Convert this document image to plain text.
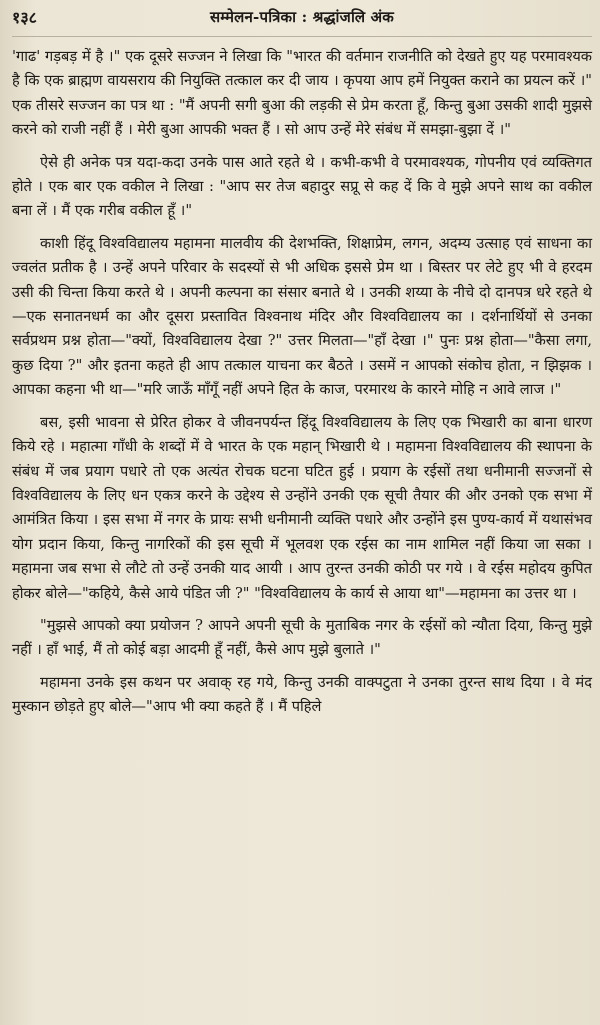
१३८	सम्मेलन-पत्रिका : श्रद्धांजलि अंक

'गाढ' गड़बड़ में है ।" एक दूसरे सज्जन ने लिखा कि "भारत की वर्तमान राजनीति को देखते हुए यह परमावश्यक है कि एक ब्राह्मण वायसराय की नियुक्ति तत्काल कर दी जाय । कृपया आप हमें नियुक्त कराने का प्रयत्न करें ।" एक तीसरे सज्जन का पत्र था : "मैं अपनी सगी बुआ की लड़की से प्रेम करता हूँ, किन्तु बुआ उसकी शादी मुझसे करने को राजी नहीं हैं । मेरी बुआ आपकी भक्त हैं । सो आप उन्हें मेरे संबंध में समझा-बुझा दें ।"

ऐसे ही अनेक पत्र यदा-कदा उनके पास आते रहते थे । कभी-कभी वे परमावश्यक, गोपनीय एवं व्यक्तिगत होते । एक बार एक वकील ने लिखा : "आप सर तेज बहादुर सप्रू से कह दें कि वे मुझे अपने साथ का वकील बना लें । मैं एक गरीब वकील हूँ ।"

काशी हिंदू विश्वविद्यालय महामना मालवीय की देशभक्ति, शिक्षाप्रेम, लगन, अदम्य उत्साह एवं साधना का ज्वलंत प्रतीक है । उन्हें अपने परिवार के सदस्यों से भी अधिक इससे प्रेम था । बिस्तर पर लेटे हुए भी वे हरदम उसी की चिन्ता किया करते थे । अपनी कल्पना का संसार बनाते थे । उनकी शय्या के नीचे दो दानपत्र धरे रहते थे—एक सनातनधर्म का और दूसरा प्रस्तावित विश्वनाथ मंदिर और विश्वविद्यालय का । दर्शनार्थियों से उनका सर्वप्रथम प्रश्न होता—"क्यों, विश्वविद्यालय देखा ?" उत्तर मिलता—"हाँ देखा ।" पुनः प्रश्न होता—"कैसा लगा, कुछ दिया ?" और इतना कहते ही आप तत्काल याचना कर बैठते । उसमें न आपको संकोच होता, न झिझक । आपका कहना भी था—"मरि जाऊँ माँगूँ नहीं अपने हित के काज, परमारथ के कारने मोहि न आवे लाज ।"

बस, इसी भावना से प्रेरित होकर वे जीवनपर्यन्त हिंदू विश्वविद्यालय के लिए एक भिखारी का बाना धारण किये रहे । महात्मा गाँधी के शब्दों में वे भारत के एक महान् भिखारी थे । महामना विश्वविद्यालय की स्थापना के संबंध में जब प्रयाग पधारे तो एक अत्यंत रोचक घटना घटित हुई । प्रयाग के रईसों तथा धनीमानी सज्जनों से विश्वविद्यालय के लिए धन एकत्र करने के उद्देश्य से उन्होंने उनकी एक सूची तैयार की और उनको एक सभा में आमंत्रित किया । इस सभा में नगर के प्रायः सभी धनीमानी व्यक्ति पधारे और उन्होंने इस पुण्य-कार्य में यथासंभव योग प्रदान किया, किन्तु नागरिकों की इस सूची में भूलवश एक रईस का नाम शामिल नहीं किया जा सका । महामना जब सभा से लौटे तो उन्हें उनकी याद आयी । आप तुरन्त उनकी कोठी पर गये । वे रईस महोदय कुपित होकर बोले—"कहिये, कैसे आये पंडित जी ?" "विश्वविद्यालय के कार्य से आया था"—महामना का उत्तर था ।

"मुझसे आपको क्या प्रयोजन ? आपने अपनी सूची के मुताबिक नगर के रईसों को न्यौता दिया, किन्तु मुझे नहीं । हाँ भाई, मैं तो कोई बड़ा आदमी हूँ नहीं, कैसे आप मुझे बुलाते ।"

महामना उनके इस कथन पर अवाक् रह गये, किन्तु उनकी वाक्पटुता ने उनका तुरन्त साथ दिया । वे मंद मुस्कान छोड़ते हुए बोले—"आप भी क्या कहते हैं । मैं पहिले
